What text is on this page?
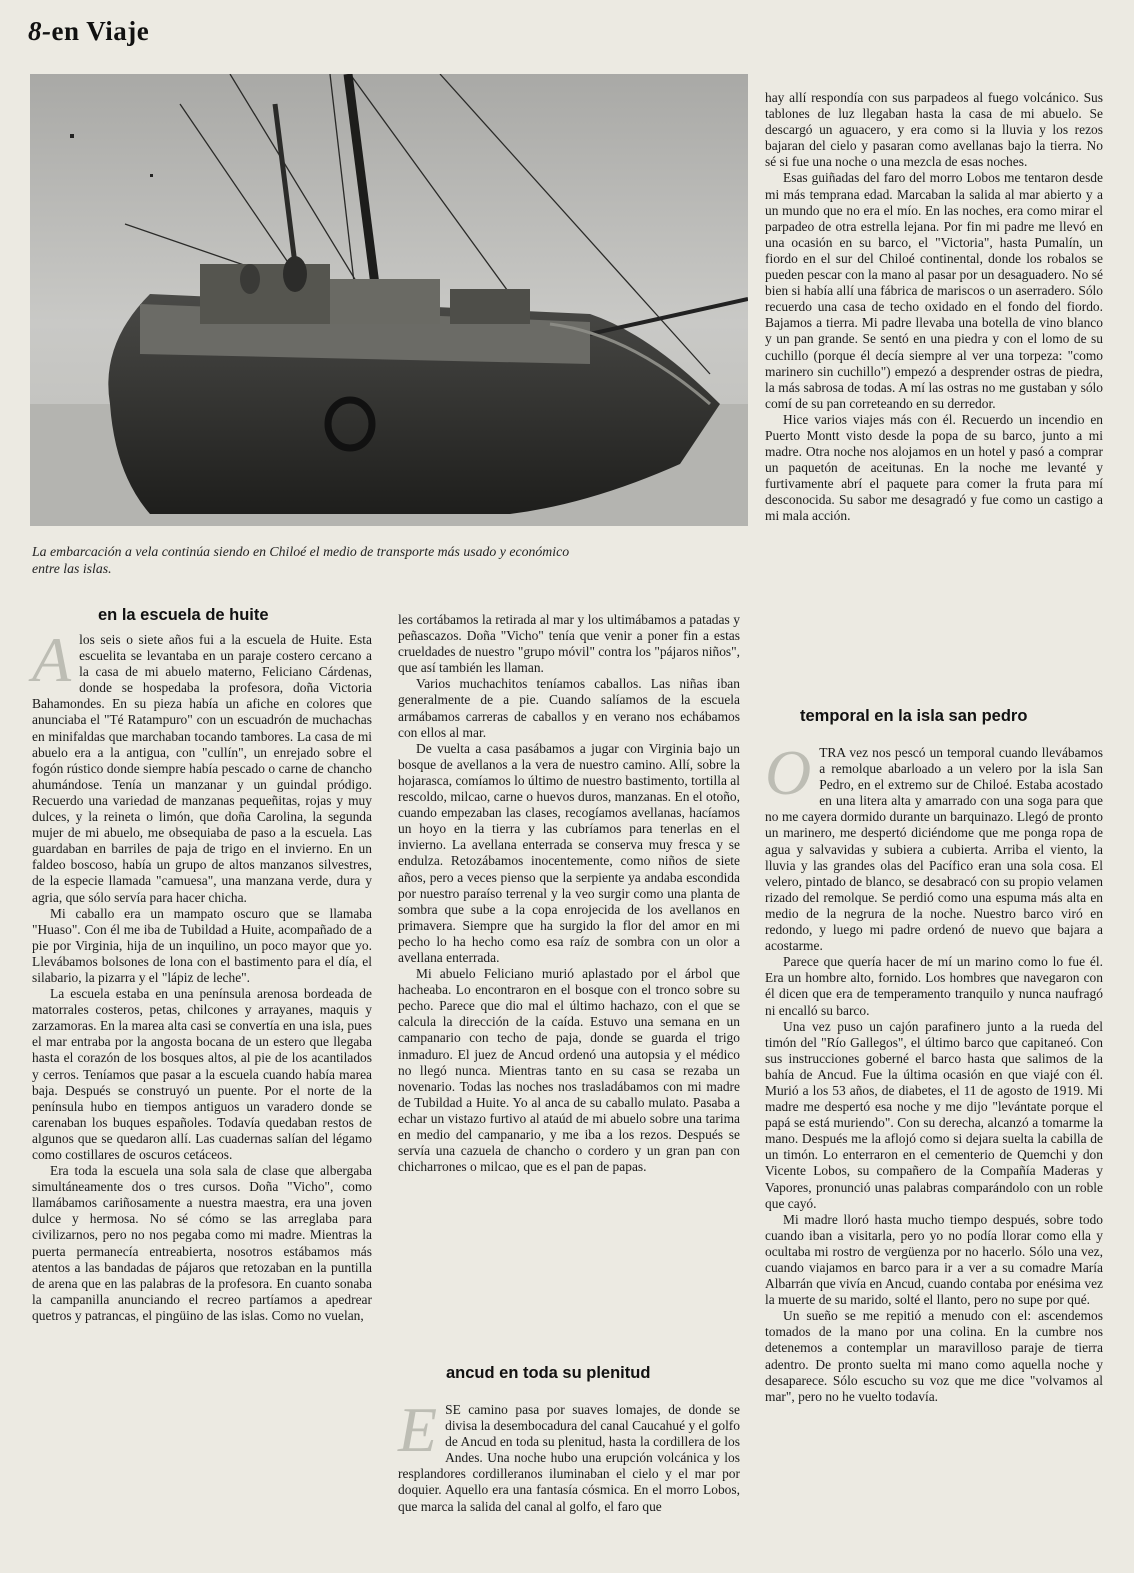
8-en Viaje
La embarcación a vela continúa siendo en Chiloé el medio de transporte más usado y económico entre las islas.
en la escuela de huite

Alos seis o siete años fui a la escuela de Huite. Esta escuelita se levantaba en un paraje costero cercano a la casa de mi abuelo materno, Feliciano Cárdenas, donde se hospedaba la profesora, doña Victoria Bahamondes. En su pieza había un afiche en colores que anunciaba el "Té Ratampuro" con un escuadrón de muchachas en minifaldas que marchaban tocando tambores. La casa de mi abuelo era a la antigua, con "cullín", un enrejado sobre el fogón rústico donde siempre había pescado o carne de chancho ahumándose. Tenía un manzanar y un guindal pródigo. Recuerdo una variedad de manzanas pequeñitas, rojas y muy dulces, y la reineta o limón, que doña Carolina, la segunda mujer de mi abuelo, me obsequiaba de paso a la escuela. Las guardaban en barriles de paja de trigo en el invierno. En un faldeo boscoso, había un grupo de altos manzanos silvestres, de la especie llamada "camuesa", una manzana verde, dura y agria, que sólo servía para hacer chicha.

Mi caballo era un mampato oscuro que se llamaba "Huaso". Con él me iba de Tubildad a Huite, acompañado de a pie por Virginia, hija de un inquilino, un poco mayor que yo. Llevábamos bolsones de lona con el bastimento para el día, el silabario, la pizarra y el "lápiz de leche".

La escuela estaba en una península arenosa bordeada de matorrales costeros, petas, chilcones y arrayanes, maquis y zarzamoras. En la marea alta casi se convertía en una isla, pues el mar entraba por la angosta bocana de un estero que llegaba hasta el corazón de los bosques altos, al pie de los acantilados y cerros. Teníamos que pasar a la escuela cuando había marea baja. Después se construyó un puente. Por el norte de la península hubo en tiempos antiguos un varadero donde se carenaban los buques españoles. Todavía quedaban restos de algunos que se quedaron allí. Las cuadernas salían del légamo como costillares de oscuros cetáceos.

Era toda la escuela una sola sala de clase que albergaba simultáneamente dos o tres cursos. Doña "Vicho", como llamábamos cariñosamente a nuestra maestra, era una joven dulce y hermosa. No sé cómo se las arreglaba para civilizarnos, pero no nos pegaba como mi madre. Mientras la puerta permanecía entreabierta, nosotros estábamos más atentos a las bandadas de pájaros que retozaban en la puntilla de arena que en las palabras de la profesora. En cuanto sonaba la campanilla anunciando el recreo partíamos a apedrear quetros y patrancas, el pingüino de las islas. Como no vuelan,

les cortábamos la retirada al mar y los ultimábamos a patadas y peñascazos. Doña "Vicho" tenía que venir a poner fin a estas crueldades de nuestro "grupo móvil" contra los "pájaros niños", que así también les llaman.

Varios muchachitos teníamos caballos. Las niñas iban generalmente de a pie. Cuando salíamos de la escuela armábamos carreras de caballos y en verano nos echábamos con ellos al mar.

De vuelta a casa pasábamos a jugar con Virginia bajo un bosque de avellanos a la vera de nuestro camino. Allí, sobre la hojarasca, comíamos lo último de nuestro bastimento, tortilla al rescoldo, milcao, carne o huevos duros, manzanas. En el otoño, cuando empezaban las clases, recogíamos avellanas, hacíamos un hoyo en la tierra y las cubríamos para tenerlas en el invierno. La avellana enterrada se conserva muy fresca y se endulza. Retozábamos inocentemente, como niños de siete años, pero a veces pienso que la serpiente ya andaba escondida por nuestro paraíso terrenal y la veo surgir como una planta de sombra que sube a la copa enrojecida de los avellanos en primavera. Siempre que ha surgido la flor del amor en mi pecho lo ha hecho como esa raíz de sombra con un olor a avellana enterrada.

Mi abuelo Feliciano murió aplastado por el árbol que hacheaba. Lo encontraron en el bosque con el tronco sobre su pecho. Parece que dio mal el último hachazo, con el que se calcula la dirección de la caída. Estuvo una semana en un campanario con techo de paja, donde se guarda el trigo inmaduro. El juez de Ancud ordenó una autopsia y el médico no llegó nunca. Mientras tanto en su casa se rezaba un novenario. Todas las noches nos trasladábamos con mi madre de Tubildad a Huite. Yo al anca de su caballo mulato. Pasaba a echar un vistazo furtivo al ataúd de mi abuelo sobre una tarima en medio del campanario, y me iba a los rezos. Después se servía una cazuela de chancho o cordero y un gran pan con chicharrones o milcao, que es el pan de papas.

ancud en toda su plenitud

ESE camino pasa por suaves lomajes, de donde se divisa la desembocadura del canal Caucahué y el golfo de Ancud en toda su plenitud, hasta la cordillera de los Andes. Una noche hubo una erupción volcánica y los resplandores cordilleranos iluminaban el cielo y el mar por doquier. Aquello era una fantasía cósmica. En el morro Lobos, que marca la salida del canal al golfo, el faro que

hay allí respondía con sus parpadeos al fuego volcánico. Sus tablones de luz llegaban hasta la casa de mi abuelo. Se descargó un aguacero, y era como si la lluvia y los rezos bajaran del cielo y pasaran como avellanas bajo la tierra. No sé si fue una noche o una mezcla de esas noches.

Esas guiñadas del faro del morro Lobos me tentaron desde mi más temprana edad. Marcaban la salida al mar abierto y a un mundo que no era el mío. En las noches, era como mirar el parpadeo de otra estrella lejana. Por fin mi padre me llevó en una ocasión en su barco, el "Victoria", hasta Pumalín, un fiordo en el sur del Chiloé continental, donde los robalos se pueden pescar con la mano al pasar por un desaguadero. No sé bien si había allí una fábrica de mariscos o un aserradero. Sólo recuerdo una casa de techo oxidado en el fondo del fiordo. Bajamos a tierra. Mi padre llevaba una botella de vino blanco y un pan grande. Se sentó en una piedra y con el lomo de su cuchillo (porque él decía siempre al ver una torpeza: "como marinero sin cuchillo") empezó a desprender ostras de piedra, la más sabrosa de todas. A mí las ostras no me gustaban y sólo comí de su pan correteando en su derredor.

Hice varios viajes más con él. Recuerdo un incendio en Puerto Montt visto desde la popa de su barco, junto a mi madre. Otra noche nos alojamos en un hotel y pasó a comprar un paquetón de aceitunas. En la noche me levanté y furtivamente abrí el paquete para comer la fruta para mí desconocida. Su sabor me desagradó y fue como un castigo a mi mala acción.

temporal en la isla san pedro

OTRA vez nos pescó un temporal cuando llevábamos a remolque abarloado a un velero por la isla San Pedro, en el extremo sur de Chiloé. Estaba acostado en una litera alta y amarrado con una soga para que no me cayera dormido durante un barquinazo. Llegó de pronto un marinero, me despertó diciéndome que me ponga ropa de agua y salvavidas y subiera a cubierta. Arriba el viento, la lluvia y las grandes olas del Pacífico eran una sola cosa. El velero, pintado de blanco, se desabracó con su propio velamen rizado del remolque. Se perdió como una espuma más alta en medio de la negrura de la noche. Nuestro barco viró en redondo, y luego mi padre ordenó de nuevo que bajara a acostarme.

Parece que quería hacer de mí un marino como lo fue él. Era un hombre alto, fornido. Los hombres que navegaron con él dicen que era de temperamento tranquilo y nunca naufragó ni encalló su barco.

Una vez puso un cajón parafinero junto a la rueda del timón del "Río Gallegos", el último barco que capitaneó. Con sus instrucciones goberné el barco hasta que salimos de la bahía de Ancud. Fue la última ocasión en que viajé con él. Murió a los 53 años, de diabetes, el 11 de agosto de 1919. Mi madre me despertó esa noche y me dijo "levántate porque el papá se está muriendo". Con su derecha, alcanzó a tomarme la mano. Después me la aflojó como si dejara suelta la cabilla de un timón. Lo enterraron en el cementerio de Quemchi y don Vicente Lobos, su compañero de la Compañía Maderas y Vapores, pronunció unas palabras comparándolo con un roble que cayó.

Mi madre lloró hasta mucho tiempo después, sobre todo cuando iban a visitarla, pero yo no podía llorar como ella y ocultaba mi rostro de vergüenza por no hacerlo. Sólo una vez, cuando viajamos en barco para ir a ver a su comadre María Albarrán que vivía en Ancud, cuando contaba por enésima vez la muerte de su marido, solté el llanto, pero no supe por qué.

Un sueño se me repitió a menudo con el: ascendemos tomados de la mano por una colina. En la cumbre nos detenemos a contemplar un maravilloso paraje de tierra adentro. De pronto suelta mi mano como aquella noche y desaparece. Sólo escucho su voz que me dice "volvamos al mar", pero no he vuelto todavía.
